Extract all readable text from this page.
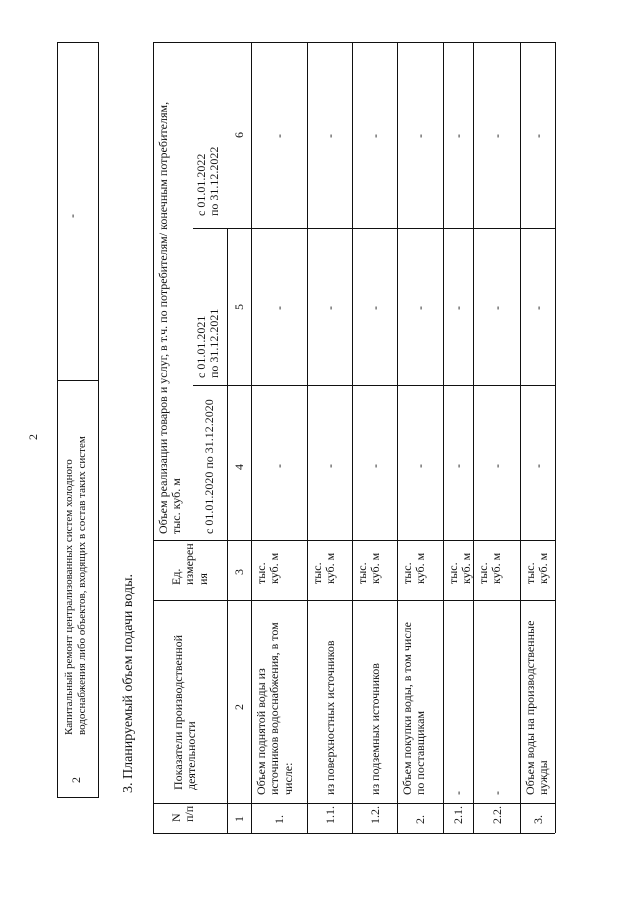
2
2
Капитальный ремонт централизованных систем холодного водоснабжения либо объектов, входящих в состав таких систем
-
3. Планируемый объем подачи воды.
N
п/п
Показатели производственной
деятельности
Ед.
измерен
ия
Объем реализации товаров и услуг, в т.ч. по потребителям/ конечным потребителям,
тыс. куб. м с 01.01.2020 по 31.12.2020
с 01.01.2021
по 31.12.2021
с 01.01.2022
по 31.12.2022
1
2
3
4
5
6
1.
Объем поднятой воды из
источников водоснабжения, в том
числе:
тыс.
куб. м
-
-
-
1.1.
из поверхностных источников
тыс.
куб. м
-
-
-
1.2.
из подземных источников
тыс.
куб. м
-
-
-
2.
Объем покупки воды, в том числе
по поставщикам
тыс.
куб. м
-
-
-
2.1.
-
тыс.
куб. м
-
-
-
2.2.
-
тыс.
куб. м
-
-
-
3.
Объем воды на производственные
нужды
тыс.
куб. м
-
-
-
